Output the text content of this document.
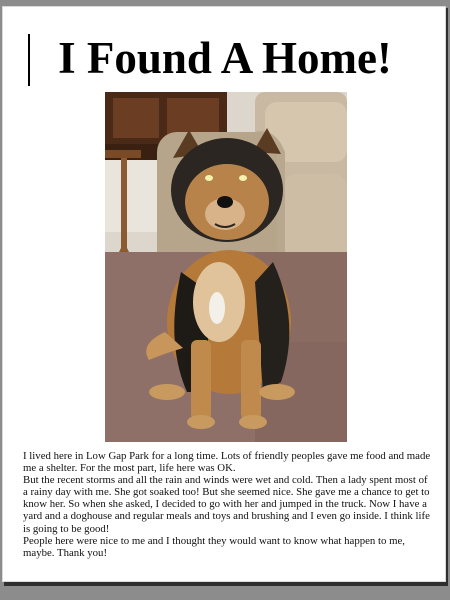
I Found A Home!

I lived here in Low Gap Park for a long time. Lots of friendly peoples gave me food and made me a shelter. For the most part, life here was OK.

But the recent storms and all the rain and winds were wet and cold. Then a lady spent most of a rainy day with me. She got soaked too! But she seemed nice. She gave me a chance to get to know her. So when she asked, I decided to go with her and jumped in the truck. Now I have a yard and a doghouse and regular meals and toys and brushing and I even go inside. I think life is going to be good!

People here were nice to me and I thought they would want to know what happen to me, maybe. Thank you!
